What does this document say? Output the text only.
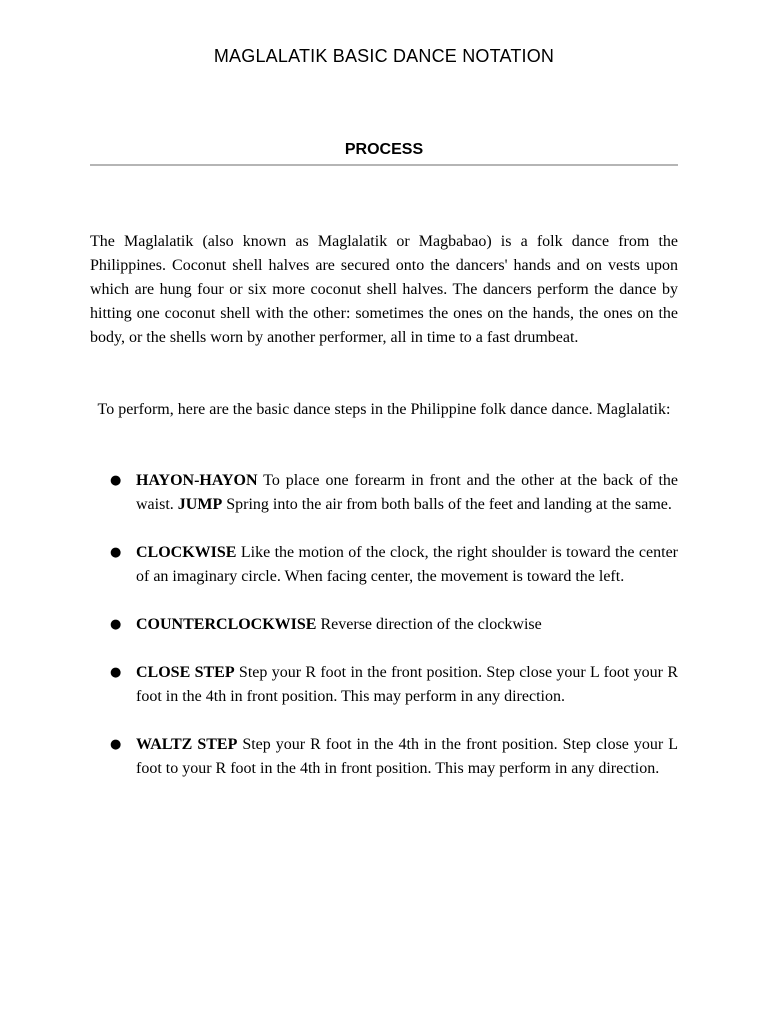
MAGLALATIK BASIC DANCE NOTATION
PROCESS

The Maglalatik (also known as Maglalatik or Magbabao) is a folk dance from the Philippines. Coconut shell halves are secured onto the dancers' hands and on vests upon which are hung four or six more coconut shell halves. The dancers perform the dance by hitting one coconut shell with the other: sometimes the ones on the hands, the ones on the body, or the shells worn by another performer, all in time to a fast drumbeat.

To perform, here are the basic dance steps in the Philippine folk dance dance. Maglalatik:

● HAYON-HAYON To place one forearm in front and the other at the back of the waist. JUMP Spring into the air from both balls of the feet and landing at the same.
● CLOCKWISE Like the motion of the clock, the right shoulder is toward the center of an imaginary circle. When facing center, the movement is toward the left.
● COUNTERCLOCKWISE Reverse direction of the clockwise
● CLOSE STEP Step your R foot in the front position. Step close your L foot your R foot in the 4th in front position. This may perform in any direction.
● WALTZ STEP Step your R foot in the 4th in the front position. Step close your L foot to your R foot in the 4th in front position. This may perform in any direction.
